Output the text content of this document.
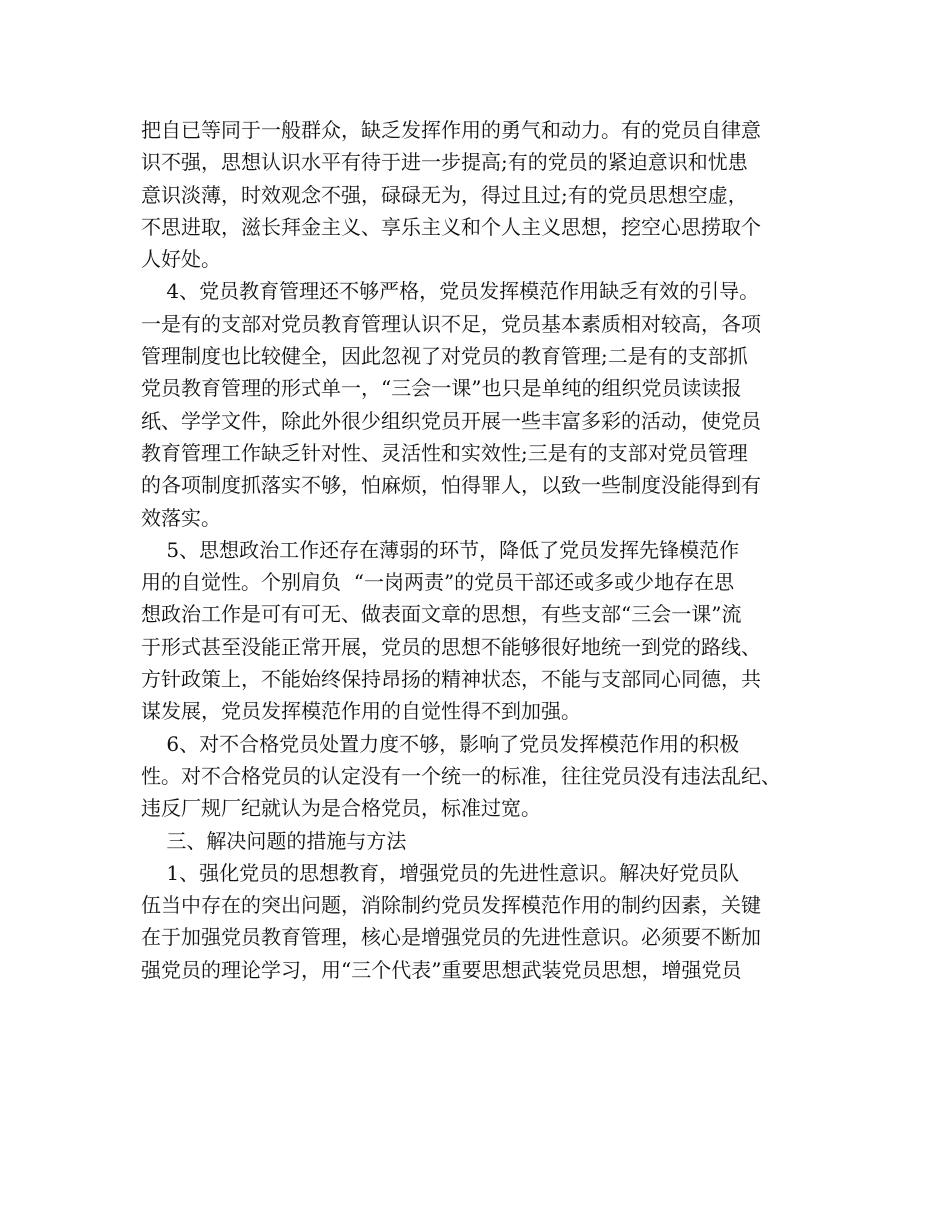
把自已等同于一般群众，缺乏发挥作用的勇气和动力。有的党员自律意
识不强，思想认识水平有待于进一步提高;有的党员的紧迫意识和忧患
意识淡薄，时效观念不强，碌碌无为，得过且过;有的党员思想空虚，
不思进取，滋长拜金主义、享乐主义和个人主义思想，挖空心思捞取个
人好处。
4、党员教育管理还不够严格，党员发挥模范作用缺乏有效的引导。
一是有的支部对党员教育管理认识不足，党员基本素质相对较高，各项
管理制度也比较健全，因此忽视了对党员的教育管理;二是有的支部抓
党员教育管理的形式单一，“三会一课”也只是单纯的组织党员读读报
纸、学学文件，除此外很少组织党员开展一些丰富多彩的活动，使党员
教育管理工作缺乏针对性、灵活性和实效性;三是有的支部对党员管理
的各项制度抓落实不够，怕麻烦，怕得罪人，以致一些制度没能得到有
效落实。
5、思想政治工作还存在薄弱的环节，降低了党员发挥先锋模范作
用的自觉性。个别肩负  “一岗两责”的党员干部还或多或少地存在思
想政治工作是可有可无、做表面文章的思想，有些支部“三会一课”流
于形式甚至没能正常开展，党员的思想不能够很好地统一到党的路线、
方针政策上，不能始终保持昂扬的精神状态，不能与支部同心同德，共
谋发展，党员发挥模范作用的自觉性得不到加强。
6、对不合格党员处置力度不够，影响了党员发挥模范作用的积极
性。对不合格党员的认定没有一个统一的标准，往往党员没有违法乱纪、
违反厂规厂纪就认为是合格党员，标准过宽。
三、解决问题的措施与方法
1、强化党员的思想教育，增强党员的先进性意识。解决好党员队
伍当中存在的突出问题，消除制约党员发挥模范作用的制约因素，关键
在于加强党员教育管理，核心是增强党员的先进性意识。必须要不断加
强党员的理论学习，用“三个代表”重要思想武装党员思想，增强党员
